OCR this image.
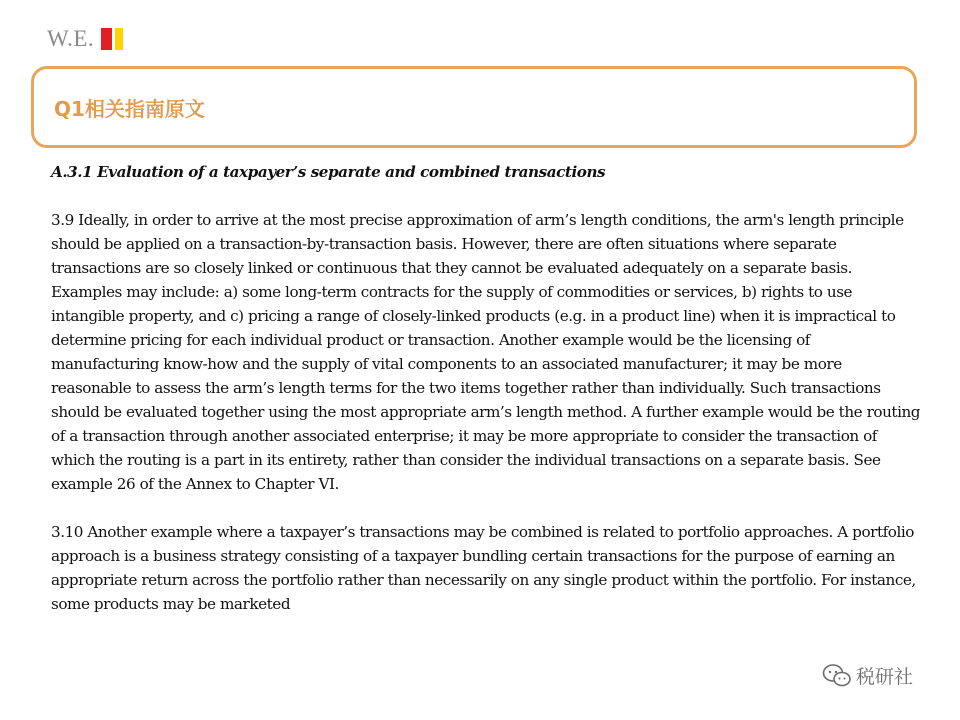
W.E.
Q1相关指南原文

A.3.1 Evaluation of a taxpayer’s separate and combined transactions

3.9 Ideally, in order to arrive at the most precise approximation of arm’s length conditions, the arm's length principle should be applied on a transaction-by-transaction basis. However, there are often situations where separate transactions are so closely linked or continuous that they cannot be evaluated adequately on a separate basis. Examples may include: a) some long-term contracts for the supply of commodities or services, b) rights to use intangible property, and c) pricing a range of closely-linked products (e.g. in a product line) when it is impractical to determine pricing for each individual product or transaction. Another example would be the licensing of manufacturing know-how and the supply of vital components to an associated manufacturer; it may be more reasonable to assess the arm’s length terms for the two items together rather than individually. Such transactions should be evaluated together using the most appropriate arm’s length method. A further example would be the routing of a transaction through another associated enterprise; it may be more appropriate to consider the transaction of which the routing is a part in its entirety, rather than consider the individual transactions on a separate basis. See example 26 of the Annex to Chapter VI.

3.10 Another example where a taxpayer’s transactions may be combined is related to portfolio approaches. A portfolio approach is a business strategy consisting of a taxpayer bundling certain transactions for the purpose of earning an appropriate return across the portfolio rather than necessarily on any single product within the portfolio. For instance, some products may be marketed

税研社
